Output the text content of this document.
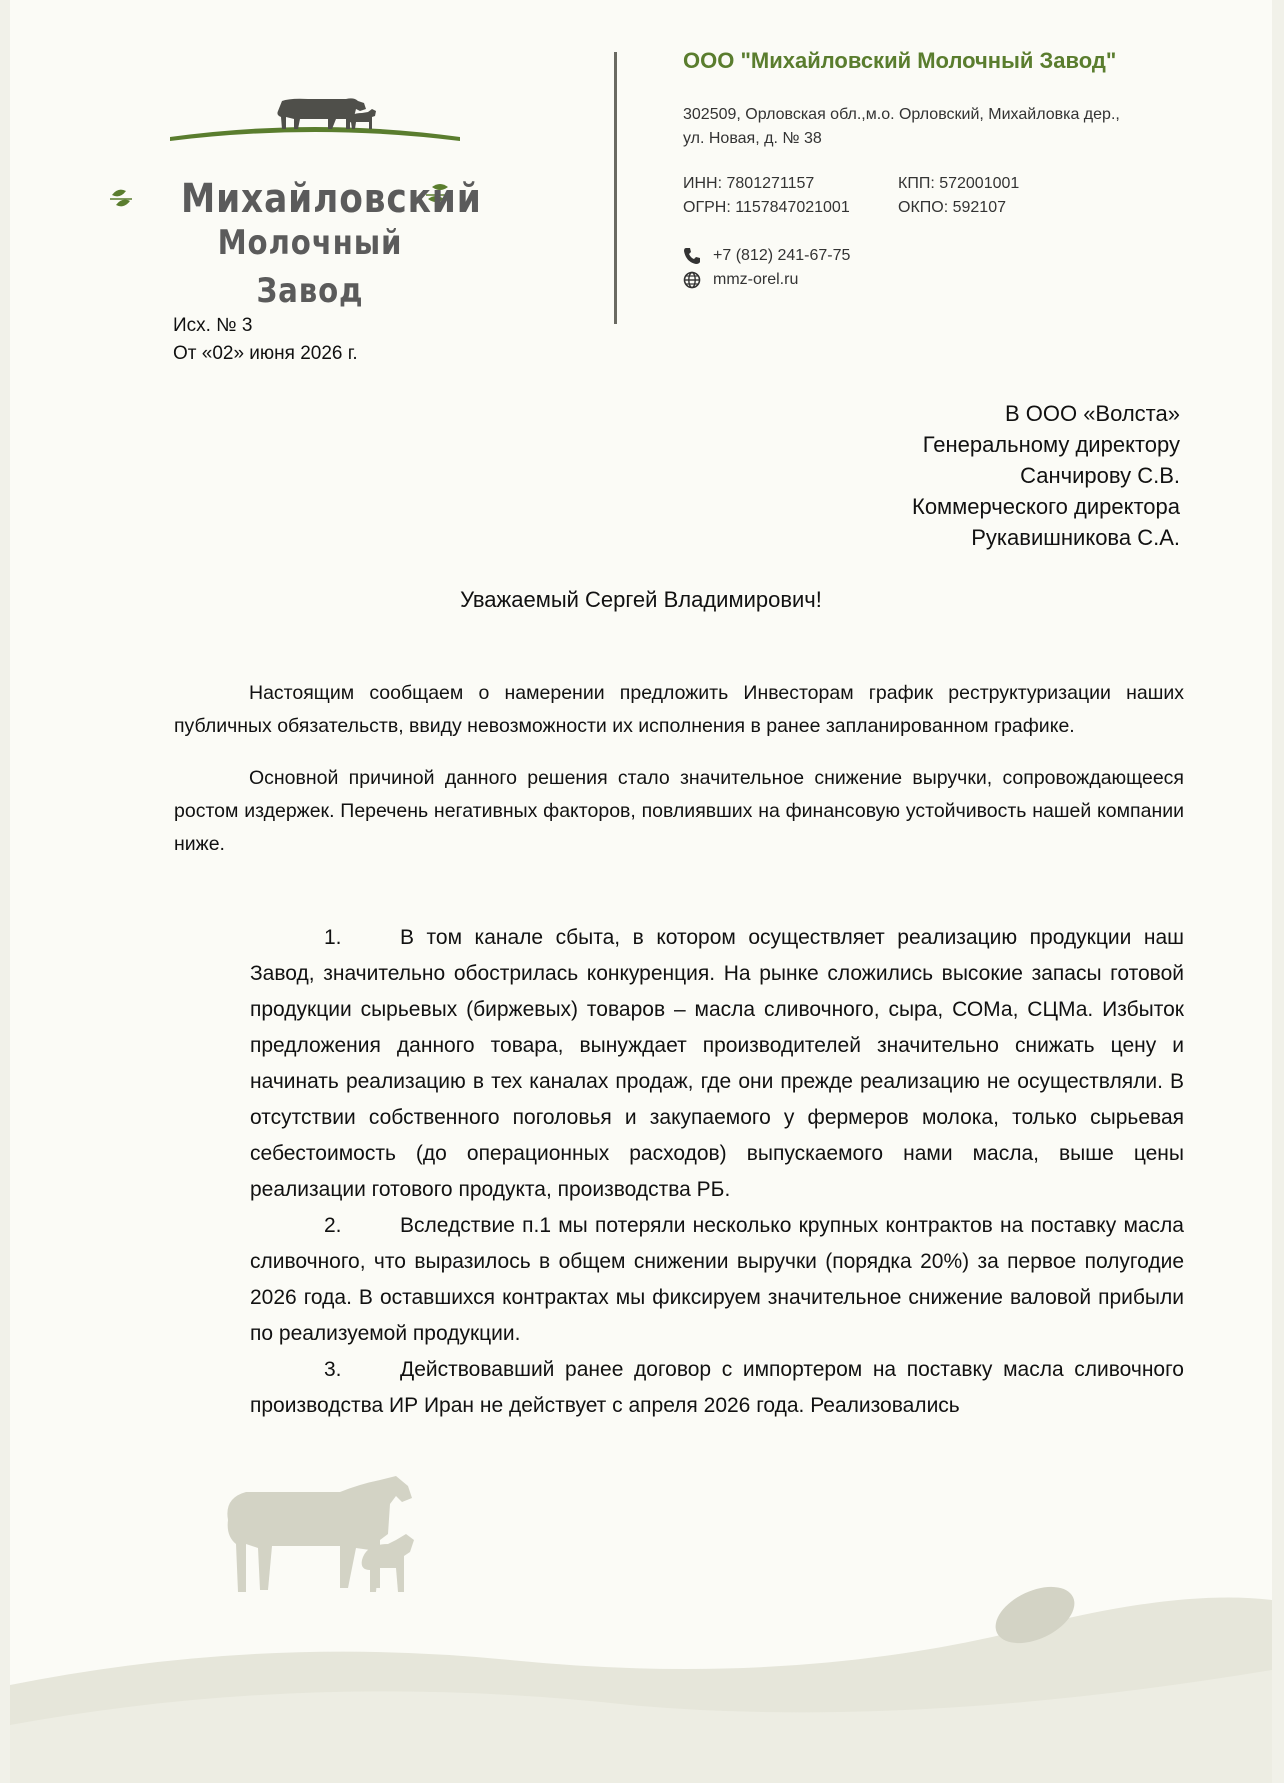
Михайловский
Молочный Завод
ООО "Михайловский Молочный Завод"
302509, Орловская обл.,м.о. Орловский, Михайловка дер.,
ул. Новая, д. № 38
ИНН: 7801271157
ОГРН: 1157847021001
КПП: 572001001
ОКПО: 592107
+7 (812) 241-67-75
mmz-orel.ru
Исх. № 3
От «02» июня 2026 г.
В ООО «Волста»
Генеральному директору
Санчирову С.В.
Коммерческого директора
Рукавишникова С.А.
Уважаемый Сергей Владимирович!

Настоящим сообщаем о намерении предложить Инвесторам график реструктуризации наших публичных обязательств, ввиду невозможности их исполнения в ранее запланированном графике.

Основной причиной данного решения стало значительное снижение выручки, сопровождающееся ростом издержек. Перечень негативных факторов, повлиявших на финансовую устойчивость нашей компании ниже.

1.	В том канале сбыта, в котором осуществляет реализацию продукции наш Завод, значительно обострилась конкуренция. На рынке сложились высокие запасы готовой продукции сырьевых (биржевых) товаров – масла сливочного, сыра, СОМа, СЦМа. Избыток предложения данного товара, вынуждает производителей значительно снижать цену и начинать реализацию в тех каналах продаж, где они прежде реализацию не осуществляли. В отсутствии собственного поголовья и закупаемого у фермеров молока, только сырьевая себестоимость (до операционных расходов) выпускаемого нами масла, выше цены реализации готового продукта, производства РБ.
2.	Вследствие п.1 мы потеряли несколько крупных контрактов на поставку масла сливочного, что выразилось в общем снижении выручки (порядка 20%) за первое полугодие 2026 года. В оставшихся контрактах мы фиксируем значительное снижение валовой прибыли по реализуемой продукции.
3.	Действовавший ранее договор с импортером на поставку масла сливочного производства ИР Иран не действует с апреля 2026 года. Реализовались
